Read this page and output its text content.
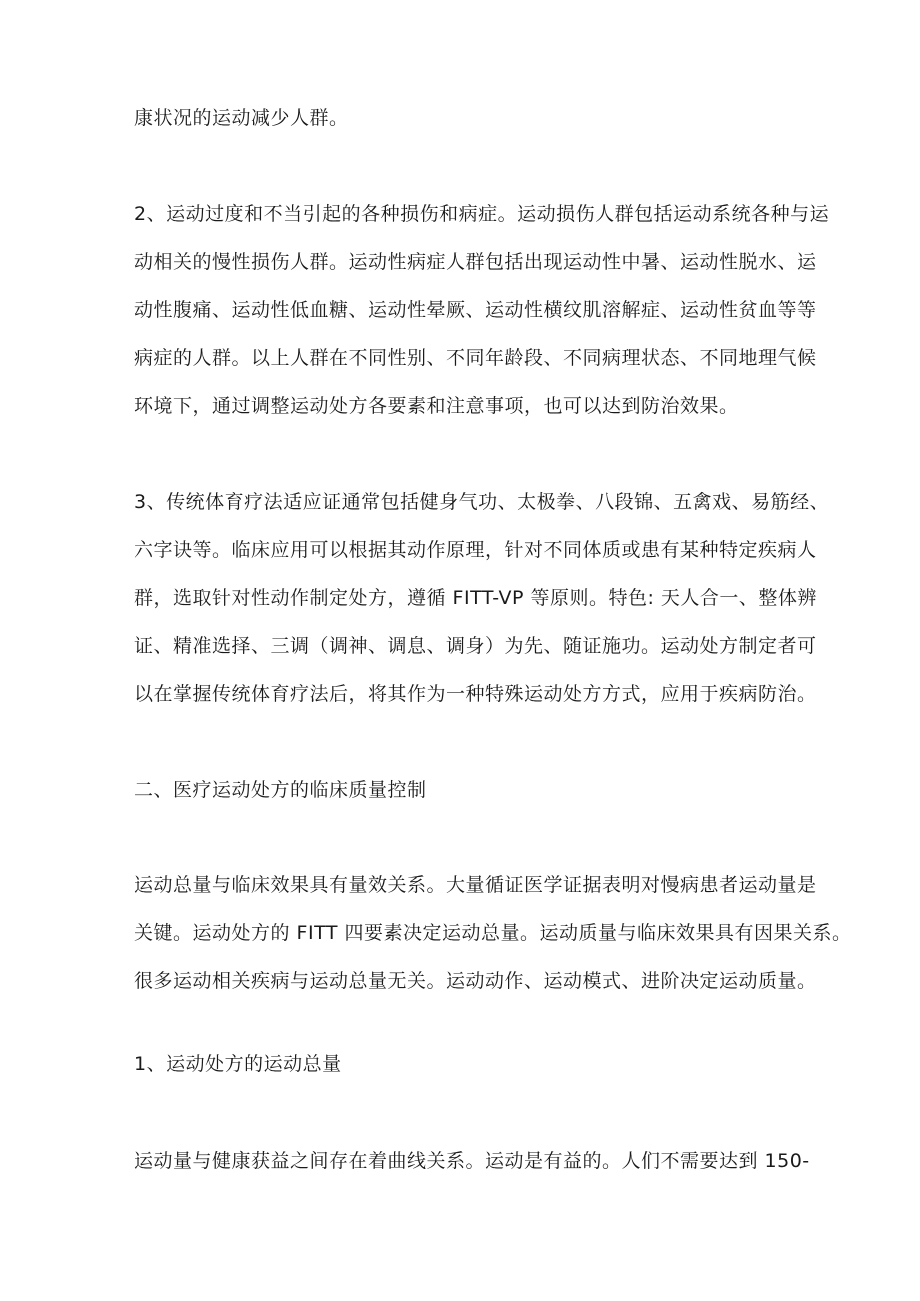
康状况的运动减少人群。
2、运动过度和不当引起的各种损伤和病症。运动损伤人群包括运动系统各种与运
动相关的慢性损伤人群。运动性病症人群包括出现运动性中暑、运动性脱水、运
动性腹痛、运动性低血糖、运动性晕厥、运动性横纹肌溶解症、运动性贫血等等
病症的人群。以上人群在不同性别、不同年龄段、不同病理状态、不同地理气候
环境下，通过调整运动处方各要素和注意事项，也可以达到防治效果。
3、传统体育疗法适应证通常包括健身气功、太极拳、八段锦、五禽戏、易筋经、
六字诀等。临床应用可以根据其动作原理，针对不同体质或患有某种特定疾病人
群，选取针对性动作制定处方，遵循 FITT-VP 等原则。特色: 天人合一、整体辨
证、精准选择、三调（调神、调息、调身）为先、随证施功。运动处方制定者可
以在掌握传统体育疗法后，将其作为一种特殊运动处方方式，应用于疾病防治。
二、医疗运动处方的临床质量控制
运动总量与临床效果具有量效关系。大量循证医学证据表明对慢病患者运动量是
关键。运动处方的 FITT 四要素决定运动总量。运动质量与临床效果具有因果关系。
很多运动相关疾病与运动总量无关。运动动作、运动模式、进阶决定运动质量。
1、运动处方的运动总量
运动量与健康获益之间存在着曲线关系。运动是有益的。人们不需要达到 150-
